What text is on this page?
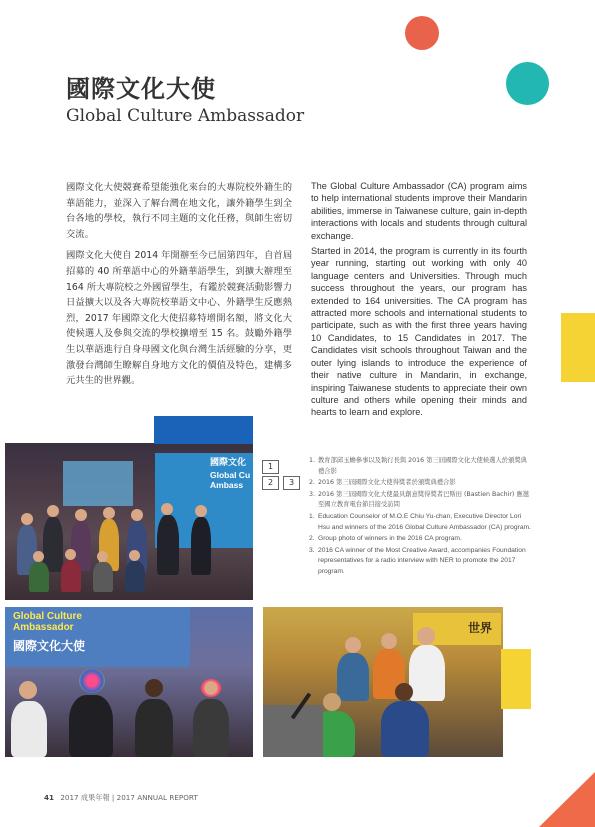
國際文化大使
Global Culture Ambassador

國際文化大使競賽希望能強化來台的大專院校外籍生的華語能力，並深入了解台灣在地文化，讓外籍學生到全台各地的學校，執行不同主題的文化任務，與師生密切交流。

國際文化大使自 2014 年開辦至今已屆第四年，自首屆招募的 40 所華語中心的外籍華語學生，到擴大辦理至 164 所大專院校之外國留學生，有鑑於競賽活動影響力日益擴大以及各大專院校華語文中心、外籍學生反應熱烈，2017 年國際文化大使招募特增開名額，將文化大使候選人及參與交流的學校擴增至 15 名。鼓勵外籍學生以華語進行自身母國文化與台灣生活經驗的分享，更激發台灣師生瞭解自身地方文化的價值及特色，建構多元共生的世界觀。

The Global Culture Ambassador (CA) program aims to help international students improve their Mandarin abilities, immerse in Taiwanese culture, gain in-depth interactions with locals and students through cultural exchange.

Started in 2014, the program is currently in its fourth year running, starting out working with only 40 language centers and Universities. Through much success throughout the years, our program has extended to 164 universities. The CA program has attracted more schools and international students to participate, such as with the first three years having 10 Candidates, to 15 Candidates in 2017. The Candidates visit schools throughout Taiwan and the outer lying islands to introduce the experience of their native culture in Mandarin, in exchange, inspiring Taiwanese students to appreciate their own culture and others while opening their minds and hearts to learn and explore.

國際文化
Global Cu Ambass
1
2	3
1. 教育部邱玉蟾參事以及執行長與 2016 第三屆國際文化大使候選人於頒獎典禮合影
2. 2016 第三屆國際文化大使得獎者於頒獎典禮合影
3. 2016 第三屆國際文化大使最具創意獎得獎者巴斯田 (Bastien Bachir) 應邀至國立教育電台節目接受訪問
1. Education Counselor of M.O.E Chiu Yu-chan, Executive Director Lori Hsu and winners of the 2016 Global Culture Ambassador (CA) program.
2. Group photo of winners in the 2016 CA program.
3. 2016 CA winner of the Most Creative Award, accompanies Foundation representatives for a radio interview with NER to promote the 2017 program.
Global Culture Ambassador
國際文化大使
世界
41 2017 成果年報 | 2017 ANNUAL REPORT
